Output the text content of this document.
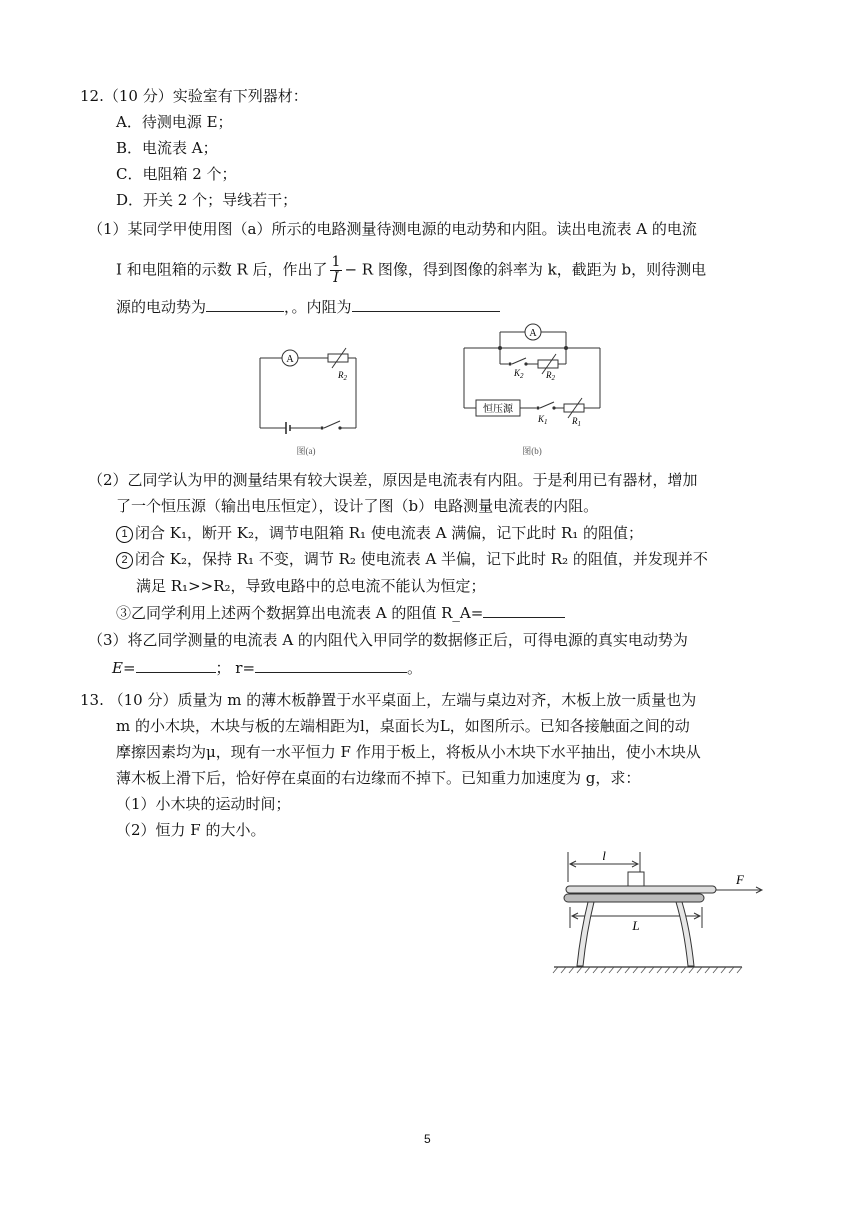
12.（10 分）实验室有下列器材：
A．待测电源 E；
B．电流表 A；
C．电阻箱 2 个；
D．开关 2 个；导线若干；
（1）某同学甲使用图（a）所示的电路测量待测电源的电动势和内阻。读出电流表 A 的电流
I 和电阻箱的示数 R 后，作出了 $\frac{1}{I} - R$ 图像，得到图像的斜率为 k，截距为 b，则待测电
源的电动势为	，。内阻为
A
$R_2$
图(a)
A
$K_2$ $R_2$
恒压源
$K_1$	$R_1$
图(b)
（2）乙同学认为甲的测量结果有较大误差，原因是电流表有内阻。于是利用已有器材，增加
了一个恒压源（输出电压恒定），设计了图（b）电路测量电流表的内阻。
1 闭合 K₁，断开 K₂，调节电阻箱 R₁ 使电流表 A 满偏，记下此时 R₁ 的阻值；
2 闭合 K₂，保持 R₁ 不变，调节 R₂ 使电流表 A 半偏，记下此时 R₂ 的阻值，并发现并不
满足 R₁>>R₂，导致电路中的总电流不能认为恒定；
③乙同学利用上述两个数据算出电流表 A 的阻值 R_A=
（3）将乙同学测量的电流表 A 的内阻代入甲同学的数据修正后，可得电源的真实电动势为
E=	； r=	。
13. （10 分）质量为 m 的薄木板静置于水平桌面上，左端与桌边对齐，木板上放一质量也为
m 的小木块，木块与板的左端相距为l，桌面长为L，如图所示。已知各接触面之间的动
摩擦因素均为μ，现有一水平恒力 F 作用于板上，将板从小木块下水平抽出，使小木块从
薄木板上滑下后，恰好停在桌面的右边缘而不掉下。已知重力加速度为 g，求：
（1）小木块的运动时间；
（2）恒力 F 的大小。
l
L
F
5
